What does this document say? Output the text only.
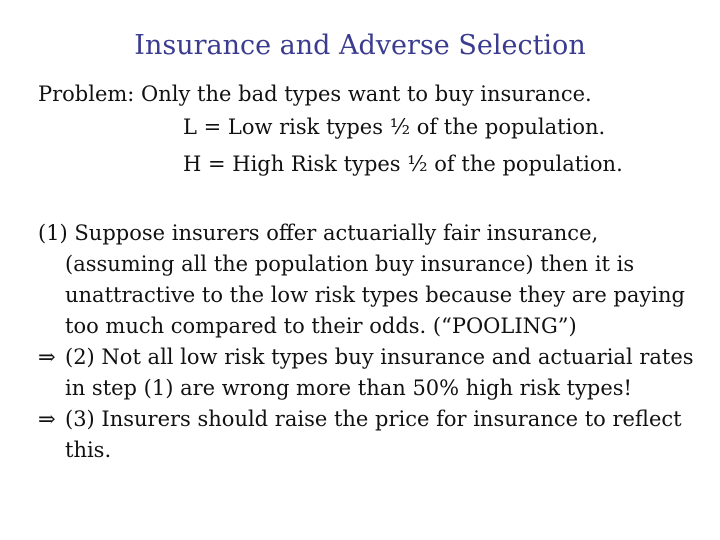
Insurance and Adverse Selection
Problem: Only the bad types want to buy insurance.
L = Low risk types ½ of the population.
H = High Risk types ½ of the population.
(1) Suppose insurers offer actuarially fair insurance,
(assuming all the population buy insurance) then it is
unattractive to the low risk types because they are paying
too much compared to their odds. (“POOLING”)
⇒ (2) Not all low risk types buy insurance and actuarial rates
in step (1) are wrong more than 50% high risk types!
⇒ (3) Insurers should raise the price for insurance to reflect
this.
